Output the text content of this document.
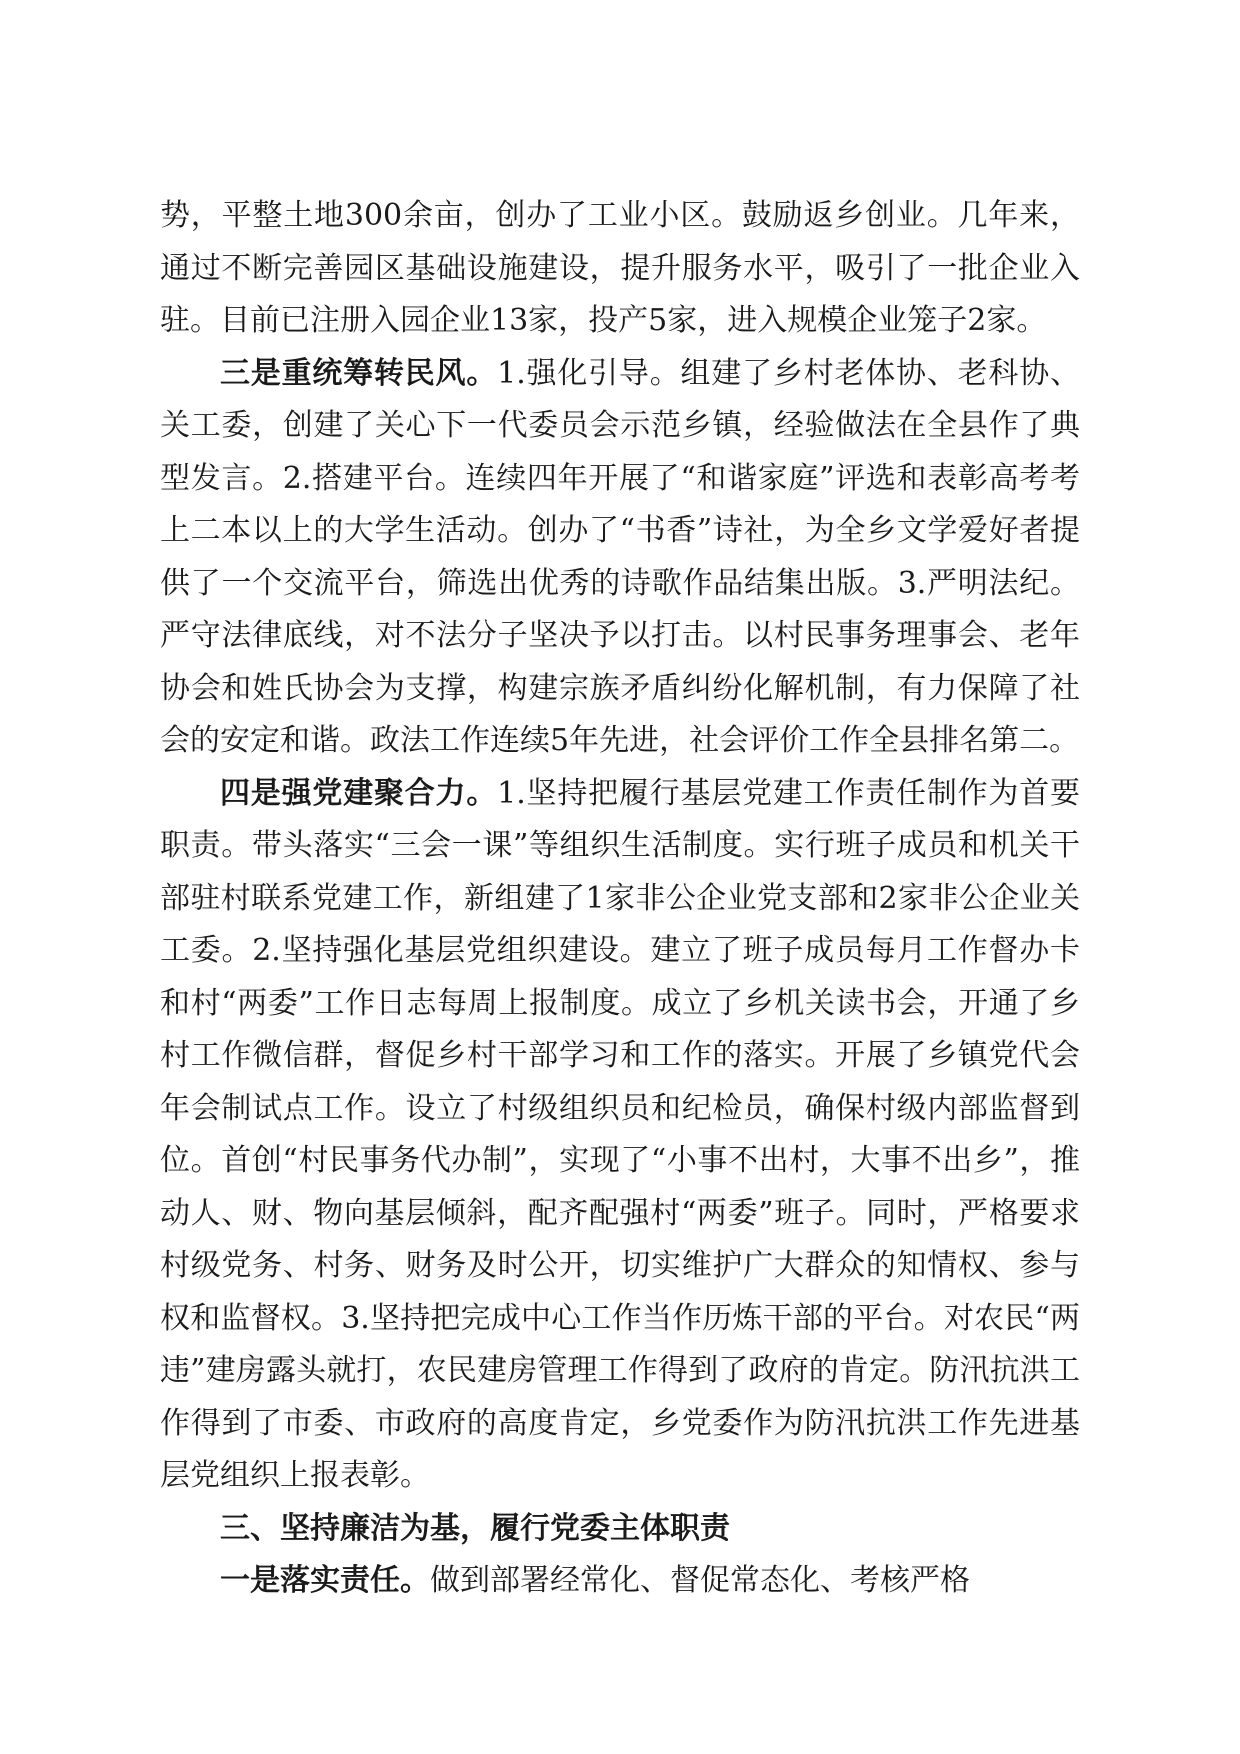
势，平整土地300余亩，创办了工业小区。鼓励返乡创业。几年来，通过不断完善园区基础设施建设，提升服务水平，吸引了一批企业入驻。目前已注册入园企业13家，投产5家，进入规模企业笼子2家。

三是重统筹转民风。1.强化引导。组建了乡村老体协、老科协、关工委，创建了关心下一代委员会示范乡镇，经验做法在全县作了典型发言。2.搭建平台。连续四年开展了“和谐家庭”评选和表彰高考考上二本以上的大学生活动。创办了“书香”诗社，为全乡文学爱好者提供了一个交流平台，筛选出优秀的诗歌作品结集出版。3.严明法纪。严守法律底线，对不法分子坚决予以打击。以村民事务理事会、老年协会和姓氏协会为支撑，构建宗族矛盾纠纷化解机制，有力保障了社会的安定和谐。政法工作连续5年先进，社会评价工作全县排名第二。

四是强党建聚合力。1.坚持把履行基层党建工作责任制作为首要职责。带头落实“三会一课”等组织生活制度。实行班子成员和机关干部驻村联系党建工作，新组建了1家非公企业党支部和2家非公企业关工委。2.坚持强化基层党组织建设。建立了班子成员每月工作督办卡和村“两委”工作日志每周上报制度。成立了乡机关读书会，开通了乡村工作微信群，督促乡村干部学习和工作的落实。开展了乡镇党代会年会制试点工作。设立了村级组织员和纪检员，确保村级内部监督到位。首创“村民事务代办制”，实现了“小事不出村，大事不出乡”，推动人、财、物向基层倾斜，配齐配强村“两委”班子。同时，严格要求村级党务、村务、财务及时公开，切实维护广大群众的知情权、参与权和监督权。3.坚持把完成中心工作当作历炼干部的平台。对农民“两违”建房露头就打，农民建房管理工作得到了政府的肯定。防汛抗洪工作得到了市委、市政府的高度肯定，乡党委作为防汛抗洪工作先进基层党组织上报表彰。

三、坚持廉洁为基，履行党委主体职责

一是落实责任。做到部署经常化、督促常态化、考核严格
